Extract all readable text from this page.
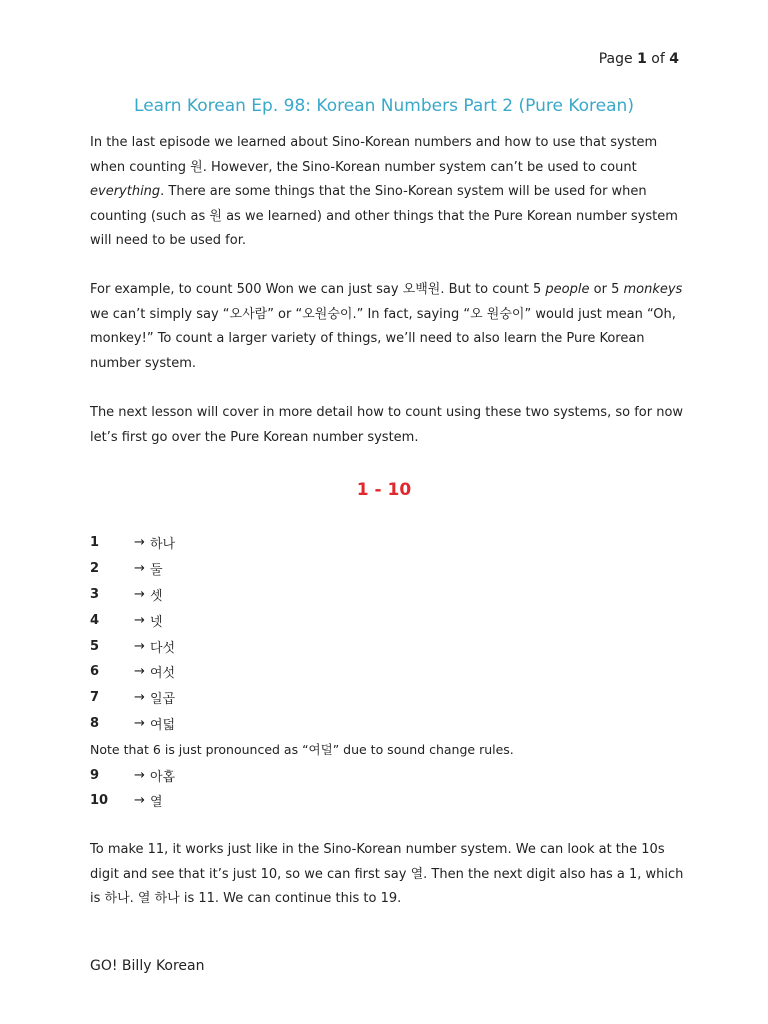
Page 1 of 4
Learn Korean Ep. 98: Korean Numbers Part 2 (Pure Korean)
In the last episode we learned about Sino-Korean numbers and how to use that system when counting 원. However, the Sino-Korean number system can’t be used to count everything. There are some things that the Sino-Korean system will be used for when counting (such as 원 as we learned) and other things that the Pure Korean number system will need to be used for.
For example, to count 500 Won we can just say 오백원. But to count 5 people or 5 monkeys we can’t simply say “오사람” or “오원숭이.” In fact, saying “오 원숭이” would just mean “Oh, monkey!” To count a larger variety of things, we’ll need to also learn the Pure Korean number system.
The next lesson will cover in more detail how to count using these two systems, so for now let’s first go over the Pure Korean number system.
1 - 10
1	→ 하나
2	→ 둘
3	→ 셋
4	→ 넷
5	→ 다섯
6	→ 여섯
7	→ 일곱
8	→ 여덟
Note that 6 is just pronounced as “여덜” due to sound change rules.
9	→ 아홉
10	→ 열
To make 11, it works just like in the Sino-Korean number system. We can look at the 10s digit and see that it’s just 10, so we can first say 열. Then the next digit also has a 1, which is 하나. 열 하나 is 11. We can continue this to 19.
GO! Billy Korean
